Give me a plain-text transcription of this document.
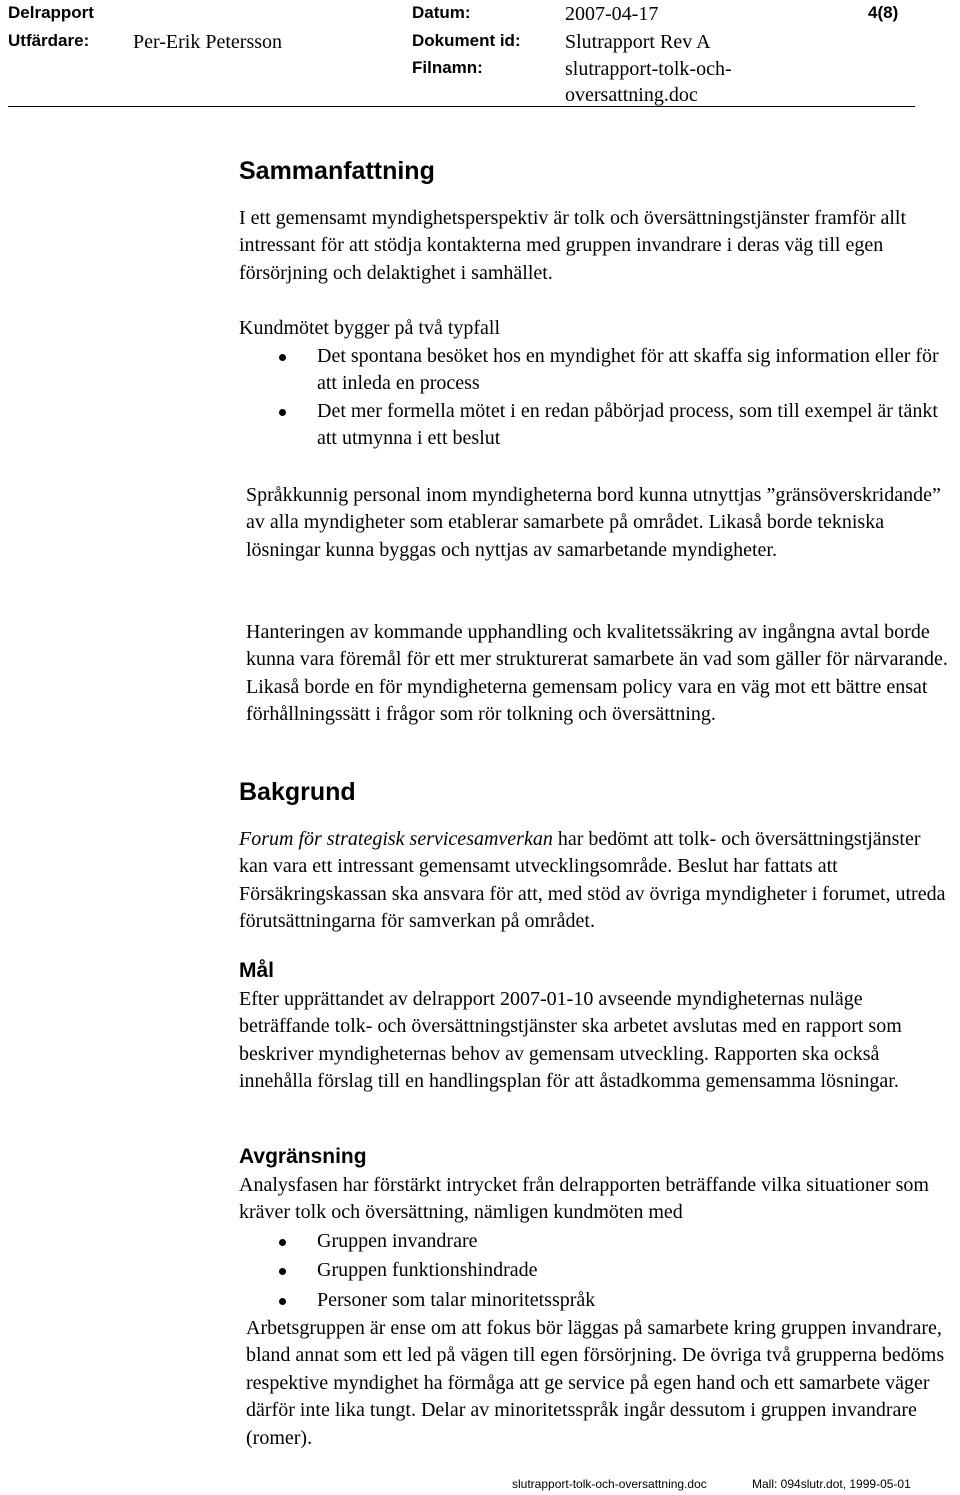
Delrapport
Utfärdare: Per-Erik Petersson
Datum:	2007-04-17
Dokument id: Slutrapport Rev A
Filnamn:	slutrapport-tolk-och-
oversattning.doc
4(8)
Sammanfattning

I ett gemensamt myndighetsperspektiv är tolk och översättningstjänster framför allt intressant för att stödja kontakterna med gruppen invandrare i deras väg till egen försörjning och delaktighet i samhället.

Kundmötet bygger på två typfall

Det spontana besöket hos en myndighet för att skaffa sig information eller för att inleda en process
Det mer formella mötet i en redan påbörjad process, som till exempel är tänkt att utmynna i ett beslut

Språkkunnig personal inom myndigheterna bord kunna utnyttjas ”gränsöverskridande” av alla myndigheter som etablerar samarbete på området. Likaså borde tekniska lösningar kunna byggas och nyttjas av samarbetande myndigheter.

Hanteringen av kommande upphandling och kvalitetssäkring av ingångna avtal borde kunna vara föremål för ett mer strukturerat samarbete än vad som gäller för närvarande. Likaså borde en för myndigheterna gemensam policy vara en väg mot ett bättre ensat förhållningssätt i frågor som rör tolkning och översättning.

Bakgrund

Forum för strategisk servicesamverkan har bedömt att tolk- och översättningstjänster kan vara ett intressant gemensamt utvecklingsområde. Beslut har fattats att Försäkringskassan ska ansvara för att, med stöd av övriga myndigheter i forumet, utreda förutsättningarna för samverkan på området.

Mål

Efter upprättandet av delrapport 2007-01-10 avseende myndigheternas nuläge beträffande tolk- och översättningstjänster ska arbetet avslutas med en rapport som beskriver myndigheternas behov av gemensam utveckling. Rapporten ska också innehålla förslag till en handlingsplan för att åstadkomma gemensamma lösningar.

Avgränsning

Analysfasen har förstärkt intrycket från delrapporten beträffande vilka situationer som kräver tolk och översättning, nämligen kundmöten med

Gruppen invandrare
Gruppen funktionshindrade
Personer som talar minoritetsspråk

Arbetsgruppen är ense om att fokus bör läggas på samarbete kring gruppen invandrare, bland annat som ett led på vägen till egen försörjning. De övriga två grupperna bedöms respektive myndighet ha förmåga att ge service på egen hand och ett samarbete väger därför inte lika tungt. Delar av minoritetsspråk ingår dessutom i gruppen invandrare (romer).

slutrapport-tolk-och-oversattning.doc	Mall: 094slutr.dot, 1999-05-01
